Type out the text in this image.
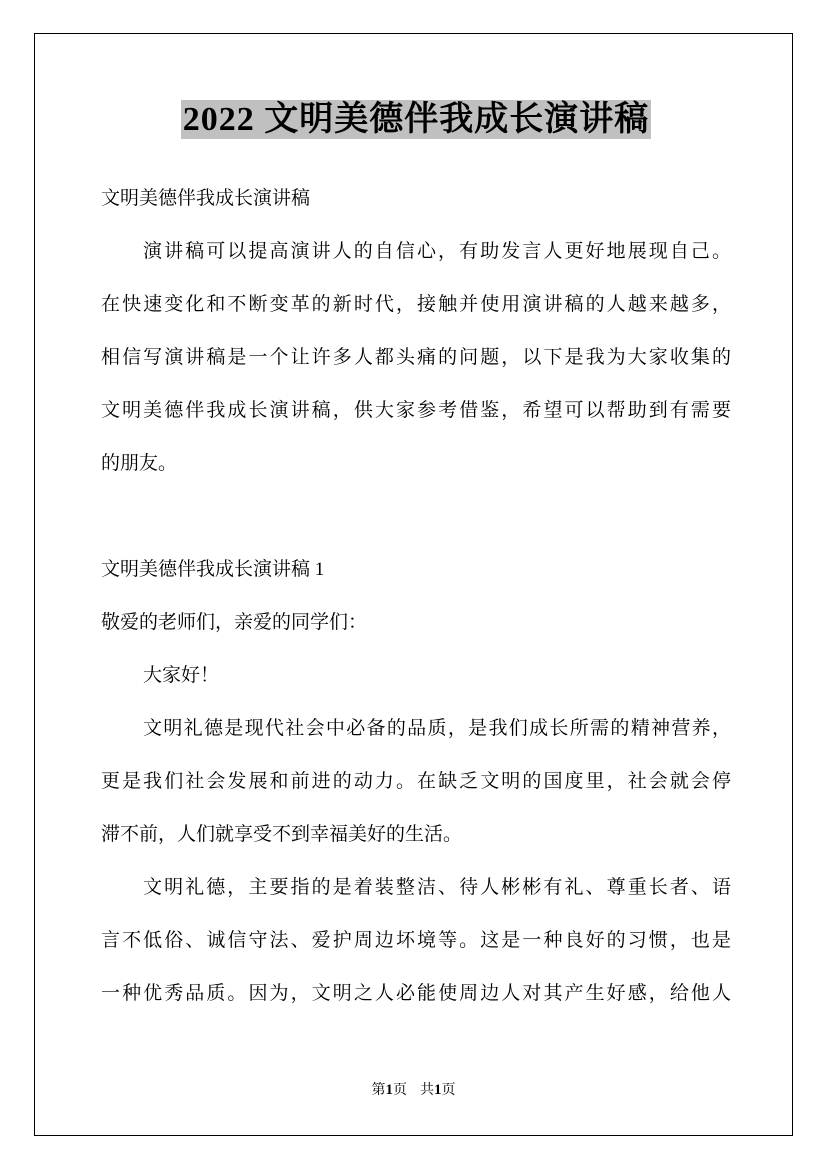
2022 文明美德伴我成长演讲稿
文明美德伴我成长演讲稿
演讲稿可以提高演讲人的自信心，有助发言人更好地展现自己。
在快速变化和不断变革的新时代，接触并使用演讲稿的人越来越多，
相信写演讲稿是一个让许多人都头痛的问题，以下是我为大家收集的
文明美德伴我成长演讲稿，供大家参考借鉴，希望可以帮助到有需要
的朋友。

文明美德伴我成长演讲稿 1
敬爱的老师们，亲爱的同学们：
大家好！
文明礼德是现代社会中必备的品质，是我们成长所需的精神营养，
更是我们社会发展和前进的动力。在缺乏文明的国度里，社会就会停
滞不前，人们就享受不到幸福美好的生活。
文明礼德，主要指的是着装整洁、待人彬彬有礼、尊重长者、语
言不低俗、诚信守法、爱护周边坏境等。这是一种良好的习惯，也是
一种优秀品质。因为，文明之人必能使周边人对其产生好感，给他人
第1页 共1页
